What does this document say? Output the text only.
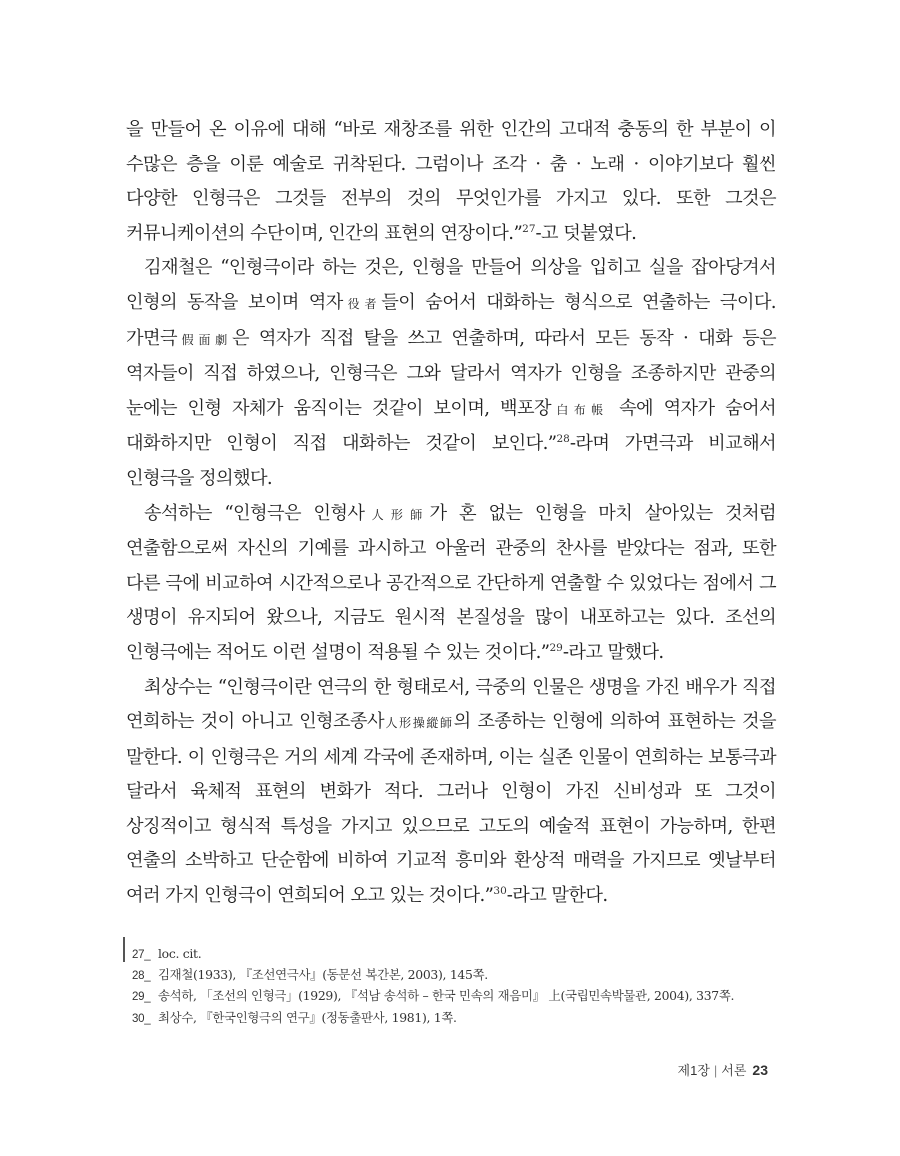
을 만들어 온 이유에 대해 “바로 재창조를 위한 인간의 고대적 충동의 한 부분이 이 수많은 층을 이룬 예술로 귀착된다. 그럼이나 조각 · 춤 · 노래 · 이야기보다 훨씬 다양한 인형극은 그것들 전부의 것의 무엇인가를 가지고 있다. 또한 그것은 커뮤니케이션의 수단이며, 인간의 표현의 연장이다.”$^{27}$-고 덧붙였다.

김재철은 “인형극이라 하는 것은, 인형을 만들어 의상을 입히고 실을 잡아당겨서 인형의 동작을 보이며 역자役者들이 숨어서 대화하는 형식으로 연출하는 극이다. 가면극假面劇은 역자가 직접 탈을 쓰고 연출하며, 따라서 모든 동작 · 대화 등은 역자들이 직접 하였으나, 인형극은 그와 달라서 역자가 인형을 조종하지만 관중의 눈에는 인형 자체가 움직이는 것같이 보이며, 백포장白布帳 속에 역자가 숨어서 대화하지만 인형이 직접 대화하는 것같이 보인다.”$^{28}$-라며 가면극과 비교해서 인형극을 정의했다.

송석하는 “인형극은 인형사人形師가 혼 없는 인형을 마치 살아있는 것처럼 연출함으로써 자신의 기예를 과시하고 아울러 관중의 찬사를 받았다는 점과, 또한 다른 극에 비교하여 시간적으로나 공간적으로 간단하게 연출할 수 있었다는 점에서 그 생명이 유지되어 왔으나, 지금도 원시적 본질성을 많이 내포하고는 있다. 조선의 인형극에는 적어도 이런 설명이 적용될 수 있는 것이다.”$^{29}$-라고 말했다.

최상수는 “인형극이란 연극의 한 형태로서, 극중의 인물은 생명을 가진 배우가 직접 연희하는 것이 아니고 인형조종사人形操縱師의 조종하는 인형에 의하여 표현하는 것을 말한다. 이 인형극은 거의 세계 각국에 존재하며, 이는 실존 인물이 연희하는 보통극과 달라서 육체적 표현의 변화가 적다. 그러나 인형이 가진 신비성과 또 그것이 상징적이고 형식적 특성을 가지고 있으므로 고도의 예술적 표현이 가능하며, 한편 연출의 소박하고 단순함에 비하여 기교적 흥미와 환상적 매력을 가지므로 옛날부터 여러 가지 인형극이 연희되어 오고 있는 것이다.”$^{30}$-라고 말한다.

27_ loc. cit.
28_ 김재철(1933), 『조선연극사』(동문선 복간본, 2003), 145쪽.
29_ 송석하, 「조선의 인형극」(1929), 『석남 송석하 – 한국 민속의 재음미』 上(국립민속박물관, 2004), 337쪽.
30_ 최상수, 『한국인형극의 연구』(정동출판사, 1981), 1쪽.
제1장 | 서론 23
